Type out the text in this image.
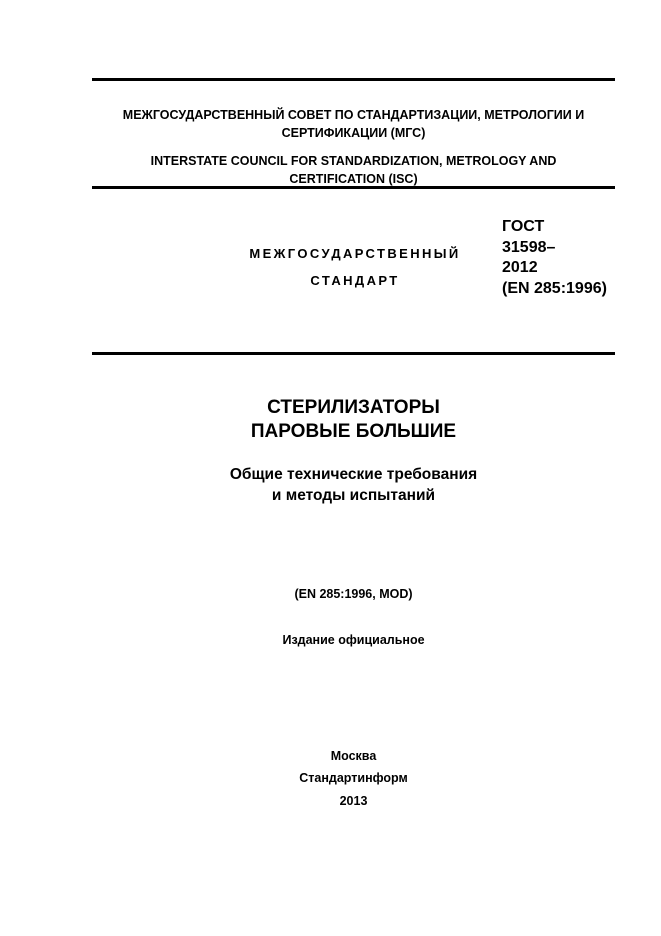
МЕЖГОСУДАРСТВЕННЫЙ СОВЕТ ПО СТАНДАРТИЗАЦИИ, МЕТРОЛОГИИ И
СЕРТИФИКАЦИИ (МГС)
INTERSTATE COUNCIL FOR STANDARDIZATION, METROLOGY AND
CERTIFICATION (ISC)
МЕЖГОСУДАРСТВЕННЫЙ
СТАНДАРТ
ГОСТ
31598–
2012
(EN 285:1996)
СТЕРИЛИЗАТОРЫ
ПАРОВЫЕ БОЛЬШИЕ
Общие технические требования
и методы испытаний
(EN 285:1996, MOD)
Издание официальное
Москва
Стандартинформ
2013
